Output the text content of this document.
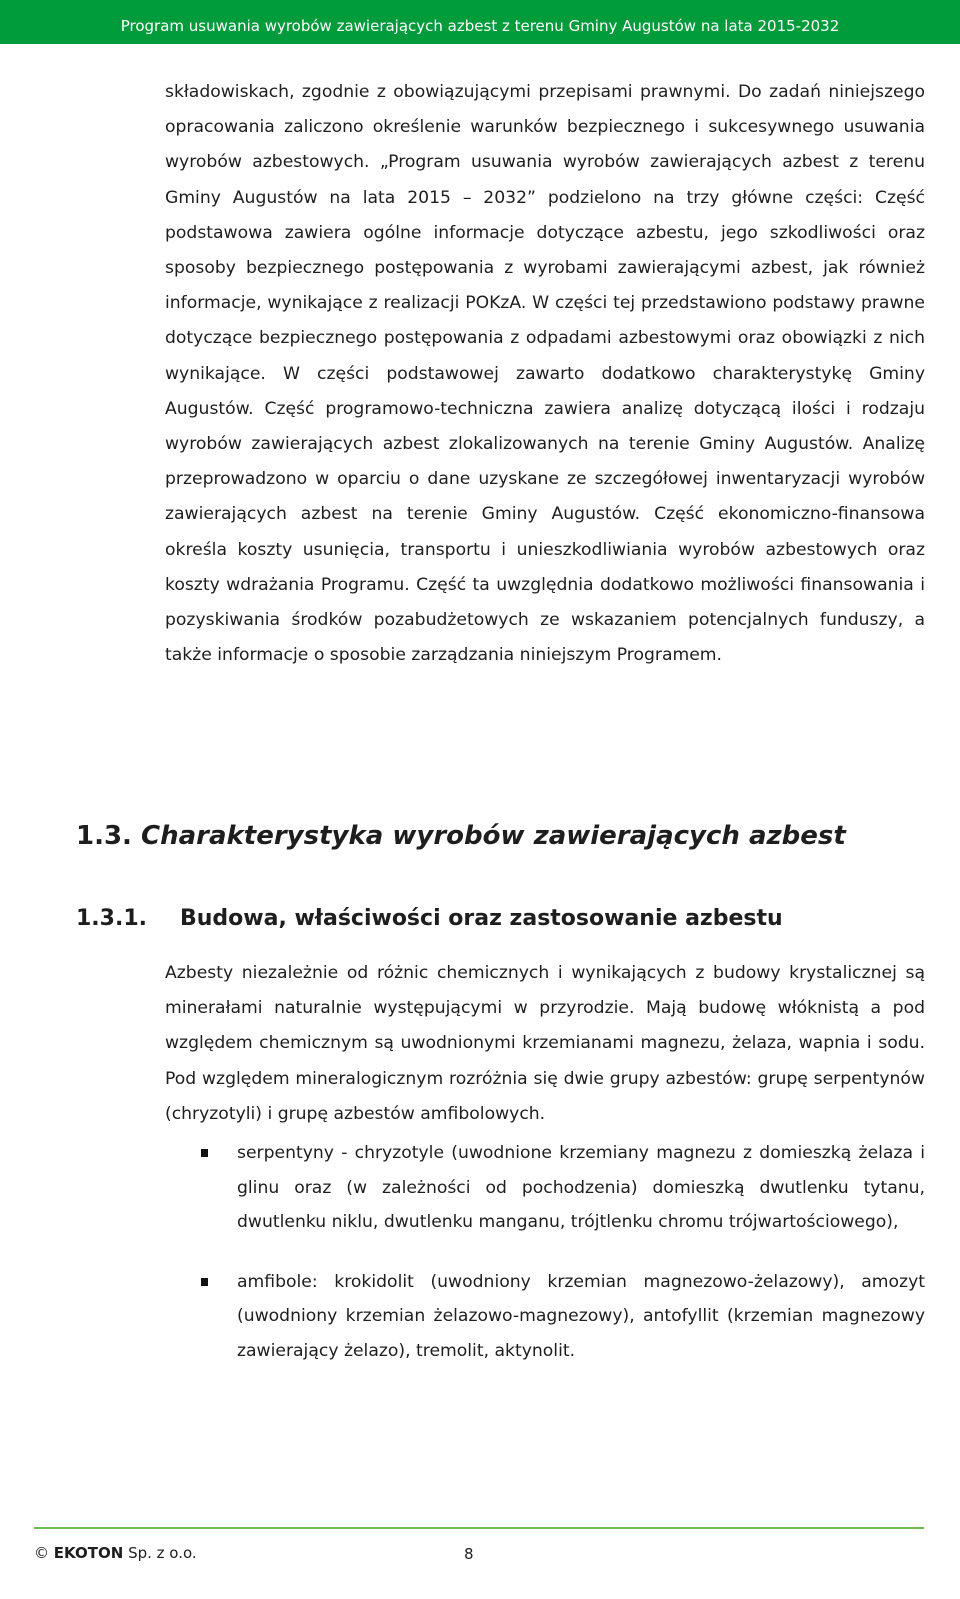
Program usuwania wyrobów zawierających azbest z terenu Gminy Augustów na lata 2015-2032

składowiskach, zgodnie z obowiązującymi przepisami prawnymi. Do zadań niniejszego opracowania zaliczono określenie warunków bezpiecznego i sukcesywnego usuwania wyrobów azbestowych. „Program usuwania wyrobów zawierających azbest z terenu Gminy Augustów na lata 2015 – 2032” podzielono na trzy główne części: Część podstawowa zawiera ogólne informacje dotyczące azbestu, jego szkodliwości oraz sposoby bezpiecznego postępowania z wyrobami zawierającymi azbest, jak również informacje, wynikające z realizacji POKzA. W części tej przedstawiono podstawy prawne dotyczące bezpiecznego postępowania z odpadami azbestowymi oraz obowiązki z nich wynikające. W części podstawowej zawarto dodatkowo charakterystykę Gminy Augustów. Część programowo-techniczna zawiera analizę dotyczącą ilości i rodzaju wyrobów zawierających azbest zlokalizowanych na terenie Gminy Augustów. Analizę przeprowadzono w oparciu o dane uzyskane ze szczegółowej inwentaryzacji wyrobów zawierających azbest na terenie Gminy Augustów. Część ekonomiczno-finansowa określa koszty usunięcia, transportu i unieszkodliwiania wyrobów azbestowych oraz koszty wdrażania Programu. Część ta uwzględnia dodatkowo możliwości finansowania i pozyskiwania środków pozabudżetowych ze wskazaniem potencjalnych funduszy, a także informacje o sposobie zarządzania niniejszym Programem.

1.3. Charakterystyka wyrobów zawierających azbest
1.3.1. Budowa, właściwości oraz zastosowanie azbestu

Azbesty niezależnie od różnic chemicznych i wynikających z budowy krystalicznej są minerałami naturalnie występującymi w przyrodzie. Mają budowę włóknistą a pod względem chemicznym są uwodnionymi krzemianami magnezu, żelaza, wapnia i sodu. Pod względem mineralogicznym rozróżnia się dwie grupy azbestów: grupę serpentynów (chryzotyli) i grupę azbestów amfibolowych.

serpentyny - chryzotyle (uwodnione krzemiany magnezu z domieszką żelaza i glinu oraz (w zależności od pochodzenia) domieszką dwutlenku tytanu, dwutlenku niklu, dwutlenku manganu, trójtlenku chromu trójwartościowego),
amfibole: krokidolit (uwodniony krzemian magnezowo-żelazowy), amozyt (uwodniony krzemian żelazowo-magnezowy), antofyllit (krzemian magnezowy zawierający żelazo), tremolit, aktynolit.
© EKOTON Sp. z o.o.	8
